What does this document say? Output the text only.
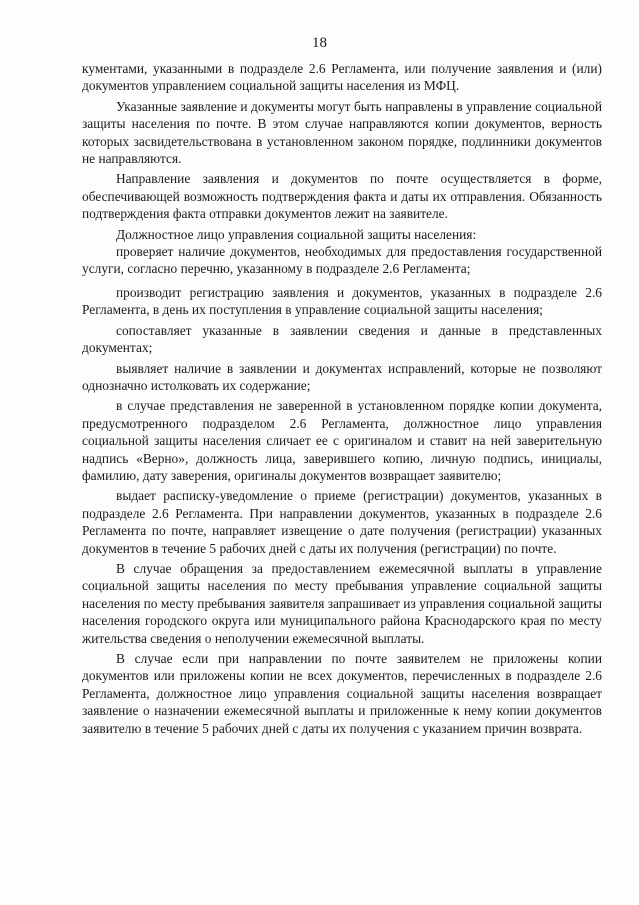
18

кументами, указанными в подразделе 2.6 Регламента, или получение заявления и (или) документов управлением социальной защиты населения из МФЦ.

Указанные заявление и документы могут быть направлены в управление социальной защиты населения по почте. В этом случае направляются копии документов, верность которых засвидетельствована в установленном законом порядке, подлинники документов не направляются.

Направление заявления и документов по почте осуществляется в форме, обеспечивающей возможность подтверждения факта и даты их отправления. Обязанность подтверждения факта отправки документов лежит на заявителе.

Должностное лицо управления социальной защиты населения:

проверяет наличие документов, необходимых для предоставления государственной услуги, согласно перечню, указанному в подразделе 2.6 Регламента;

производит регистрацию заявления и документов, указанных в подразделе 2.6 Регламента, в день их поступления в управление социальной защиты населения;

сопоставляет указанные в заявлении сведения и данные в представленных документах;

выявляет наличие в заявлении и документах исправлений, которые не позволяют однозначно истолковать их содержание;

в случае представления не заверенной в установленном порядке копии документа, предусмотренного подразделом 2.6 Регламента, должностное лицо управления социальной защиты населения сличает ее с оригиналом и ставит на ней заверительную надпись «Верно», должность лица, заверившего копию, личную подпись, инициалы, фамилию, дату заверения, оригиналы документов возвращает заявителю;

выдает расписку-уведомление о приеме (регистрации) документов, указанных в подразделе 2.6 Регламента. При направлении документов, указанных в подразделе 2.6 Регламента по почте, направляет извещение о дате получения (регистрации) указанных документов в течение 5 рабочих дней с даты их получения (регистрации) по почте.

В случае обращения за предоставлением ежемесячной выплаты в управление социальной защиты населения по месту пребывания управление социальной защиты населения по месту пребывания заявителя запрашивает из управления социальной защиты населения городского округа или муниципального района Краснодарского края по месту жительства сведения о неполучении ежемесячной выплаты.

В случае если при направлении по почте заявителем не приложены копии документов или приложены копии не всех документов, перечисленных в подразделе 2.6 Регламента, должностное лицо управления социальной защиты населения возвращает заявление о назначении ежемесячной выплаты и приложенные к нему копии документов заявителю в течение 5 рабочих дней с даты их получения с указанием причин возврата.
